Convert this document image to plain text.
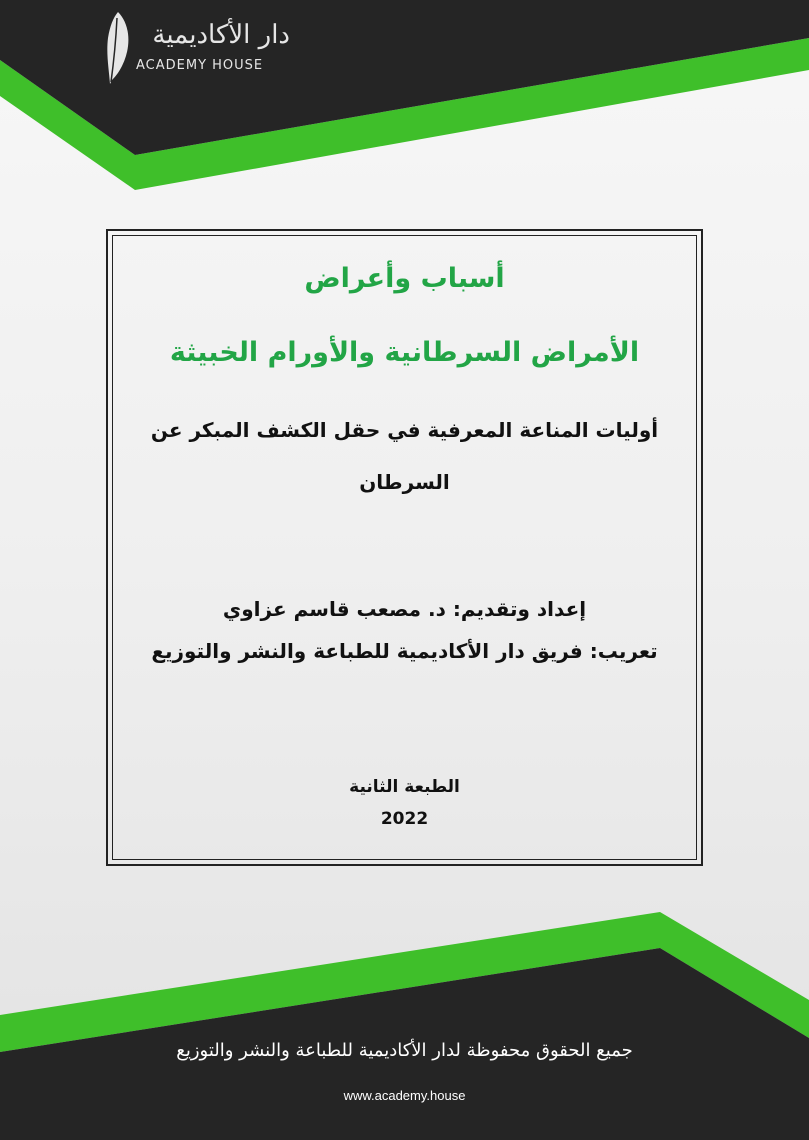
دار الأكاديمية
ACADEMY HOUSE
أسباب وأعراض
الأمراض السرطانية والأورام الخبيثة
أوليات المناعة المعرفية في حقل الكشف المبكر عن
السرطان
إعداد وتقديم: د. مصعب قاسم عزاوي
تعريب: فريق دار الأكاديمية للطباعة والنشر والتوزيع
الطبعة الثانية
2022
جميع الحقوق محفوظة لدار الأكاديمية للطباعة والنشر والتوزيع
www.academy.house
